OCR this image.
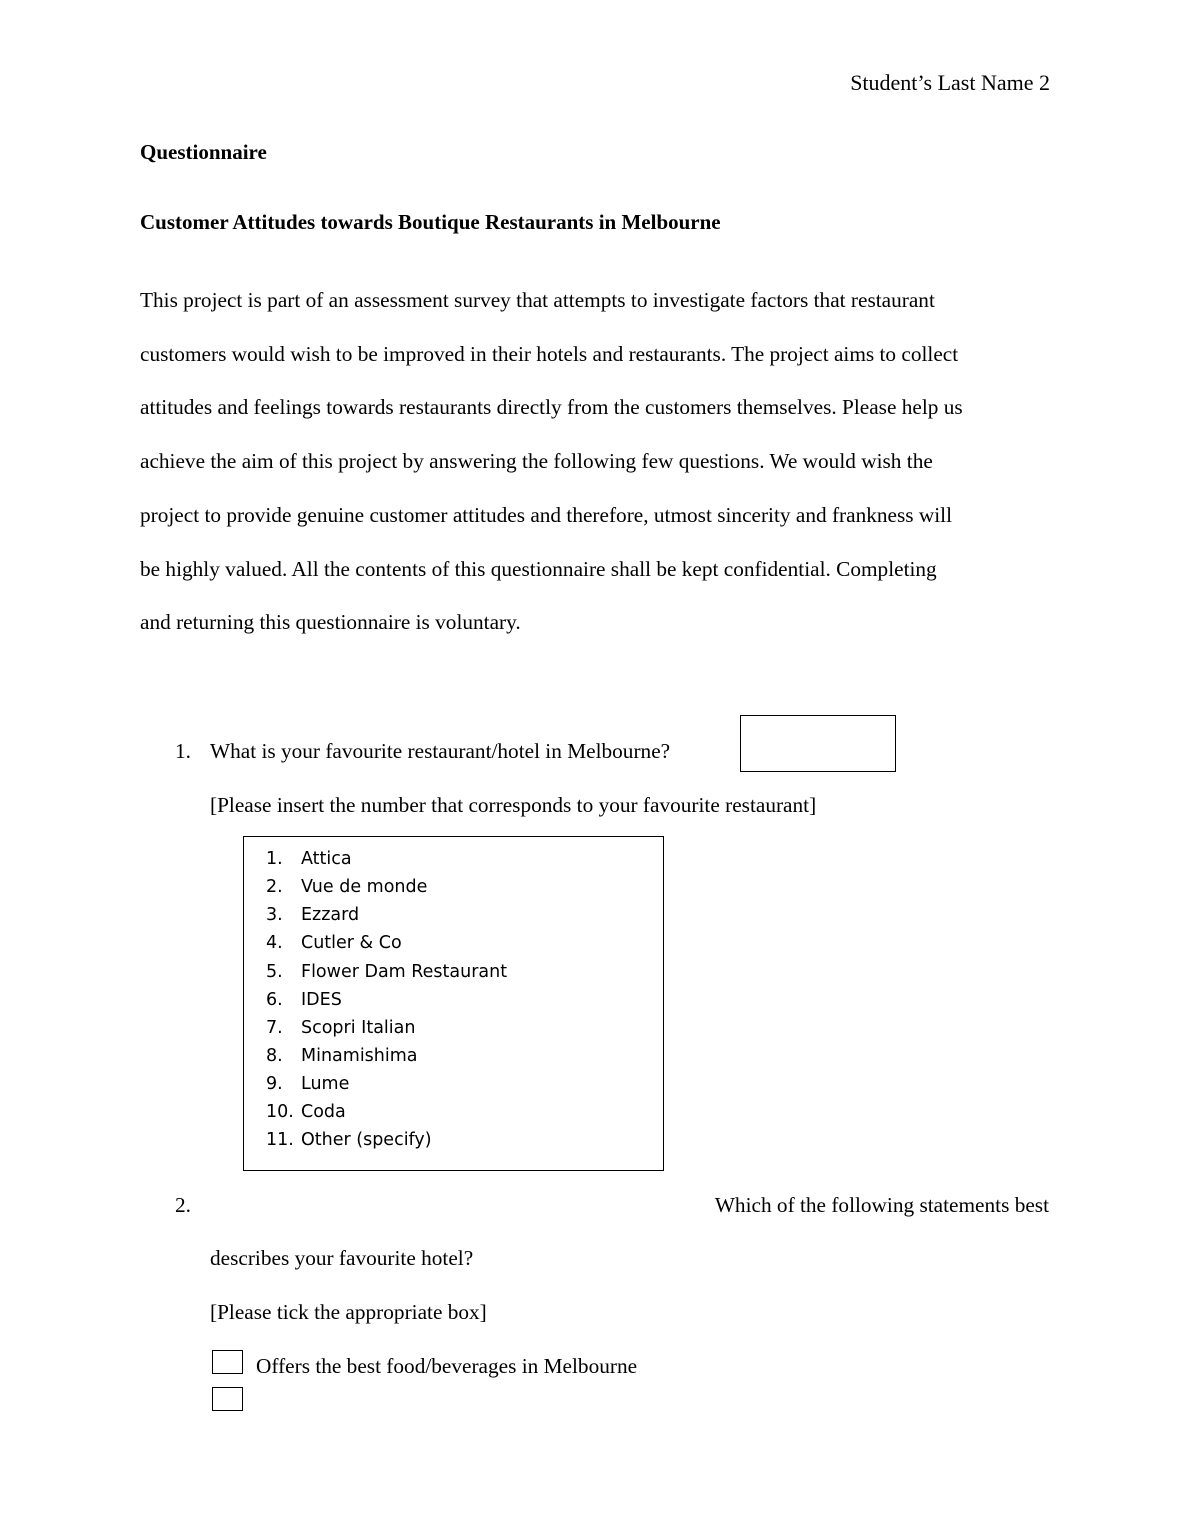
Student’s Last Name 2
Questionnaire
Customer Attitudes towards Boutique Restaurants in Melbourne

This project is part of an assessment survey that attempts to investigate factors that restaurant

customers would wish to be improved in their hotels and restaurants. The project aims to collect

attitudes and feelings towards restaurants directly from the customers themselves. Please help us

achieve the aim of this project by answering the following few questions. We would wish the

project to provide genuine customer attitudes and therefore, utmost sincerity and frankness will

be highly valued. All the contents of this questionnaire shall be kept confidential. Completing

and returning this questionnaire is voluntary.

1. What is your favourite restaurant/hotel in Melbourne?
[Please insert the number that corresponds to your favourite restaurant]
1. Attica
2. Vue de monde
3. Ezzard
4. Cutler & Co
5. Flower Dam Restaurant
6. IDES
7. Scopri Italian
8. Minamishima
9. Lume
10. Coda
11. Other (specify)
2.	Which of the following statements best
describes your favourite hotel?
[Please tick the appropriate box]
Offers the best food/beverages in Melbourne
